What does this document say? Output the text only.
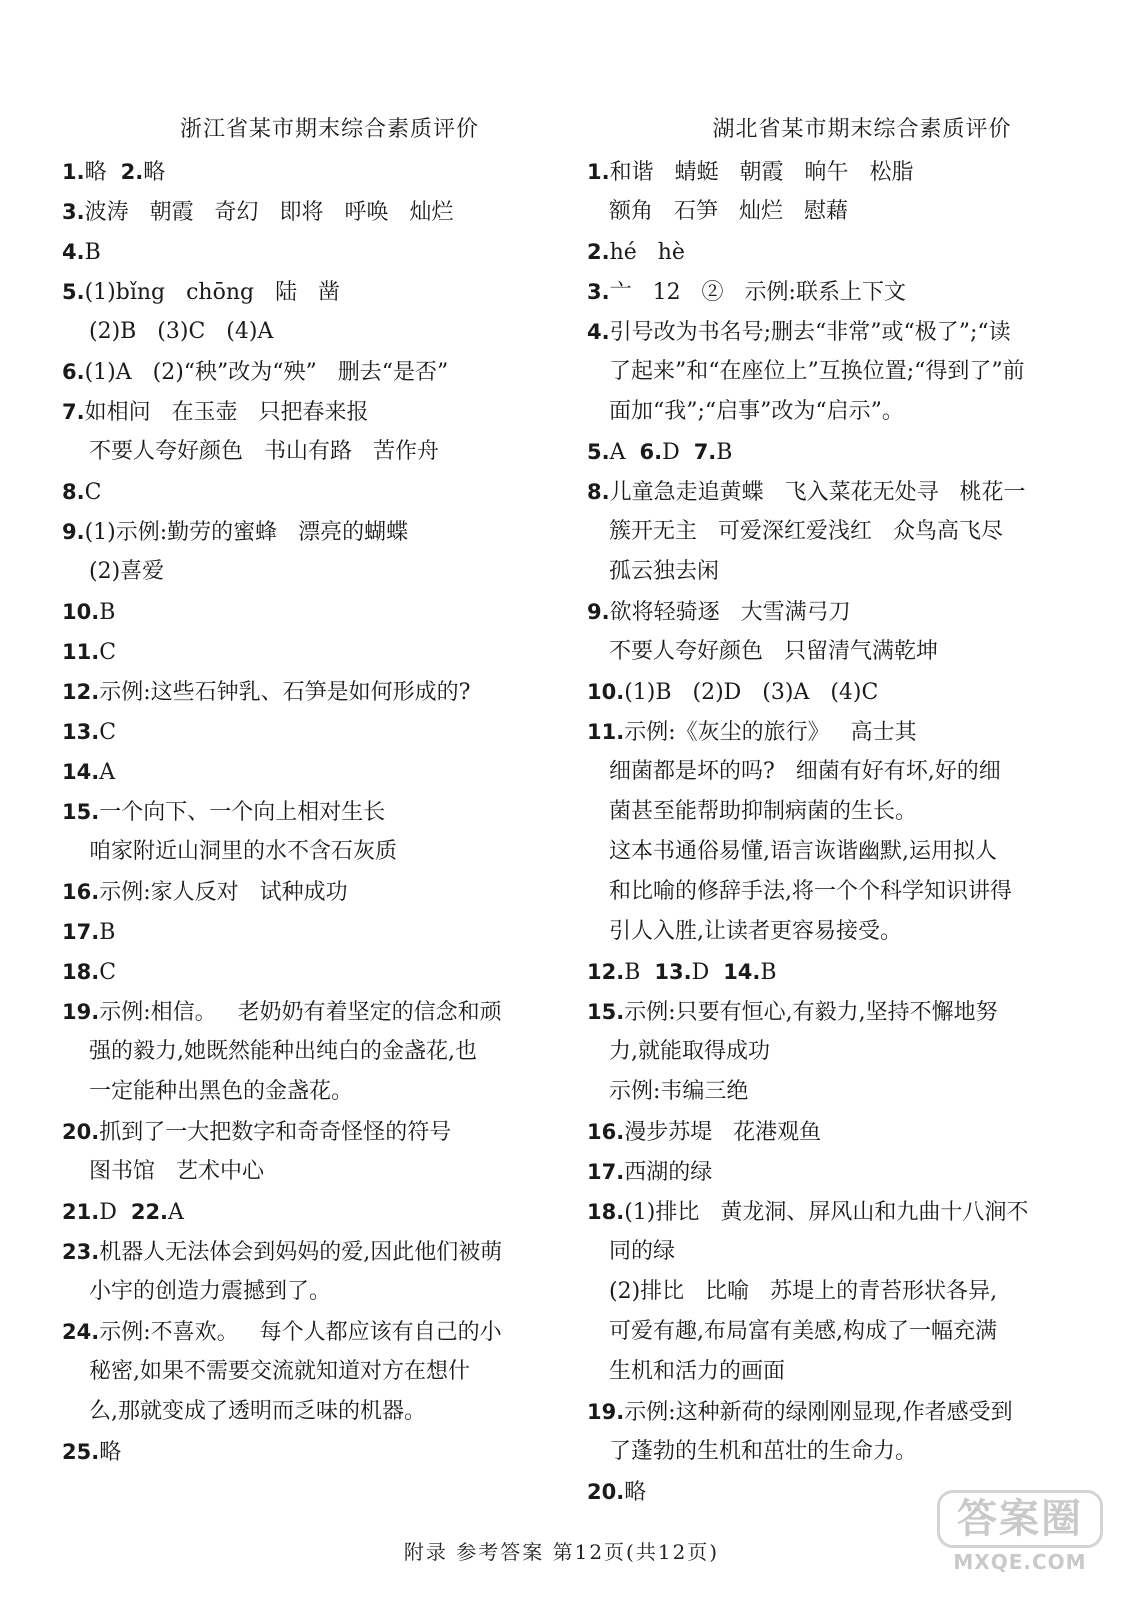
浙江省某市期末综合素质评价
1.略  2.略
3.波涛   朝霞   奇幻   即将   呼唤   灿烂
4.B
5.(1)bǐng   chōng   陆   凿
(2)B   (3)C   (4)A
6.(1)A   (2)“秧”改为“殃”   删去“是否”
7.如相问   在玉壶   只把春来报
不要人夸好颜色   书山有路   苦作舟
8.C
9.(1)示例:勤劳的蜜蜂   漂亮的蝴蝶
(2)喜爱
10.B
11.C
12.示例:这些石钟乳、石笋是如何形成的?
13.C
14.A
15.一个向下、一个向上相对生长
咱家附近山洞里的水不含石灰质
16.示例:家人反对   试种成功
17.B
18.C
19.示例:相信。   老奶奶有着坚定的信念和顽
强的毅力,她既然能种出纯白的金盏花,也
一定能种出黑色的金盏花。
20.抓到了一大把数字和奇奇怪怪的符号
图书馆   艺术中心
21.D  22.A
23.机器人无法体会到妈妈的爱,因此他们被萌
小宇的创造力震撼到了。
24.示例:不喜欢。   每个人都应该有自己的小
秘密,如果不需要交流就知道对方在想什
么,那就变成了透明而乏味的机器。
25.略
湖北省某市期末综合素质评价
1.和谐   蜻蜓   朝霞   晌午   松脂
额角   石笋   灿烂   慰藉
2.hé   hè
3.亠   12   ②   示例:联系上下文
4.引号改为书名号;删去“非常”或“极了”;“读
了起来”和“在座位上”互换位置;“得到了”前
面加“我”;“启事”改为“启示”。
5.A  6.D  7.B
8.儿童急走追黄蝶   飞入菜花无处寻   桃花一
簇开无主   可爱深红爱浅红   众鸟高飞尽
孤云独去闲
9.欲将轻骑逐   大雪满弓刀
不要人夸好颜色   只留清气满乾坤
10.(1)B   (2)D   (3)A   (4)C
11.示例:《灰尘的旅行》   高士其
细菌都是坏的吗?   细菌有好有坏,好的细
菌甚至能帮助抑制病菌的生长。
这本书通俗易懂,语言诙谐幽默,运用拟人
和比喻的修辞手法,将一个个科学知识讲得
引人入胜,让读者更容易接受。
12.B  13.D  14.B
15.示例:只要有恒心,有毅力,坚持不懈地努
力,就能取得成功
示例:韦编三绝
16.漫步苏堤   花港观鱼
17.西湖的绿
18.(1)排比   黄龙洞、屏风山和九曲十八涧不
同的绿
(2)排比   比喻   苏堤上的青苔形状各异,
可爱有趣,布局富有美感,构成了一幅充满
生机和活力的画面
19.示例:这种新荷的绿刚刚显现,作者感受到
了蓬勃的生机和茁壮的生命力。
20.略
附录 参考答案 第12页(共12页)
答案圈
MXQE.COM
